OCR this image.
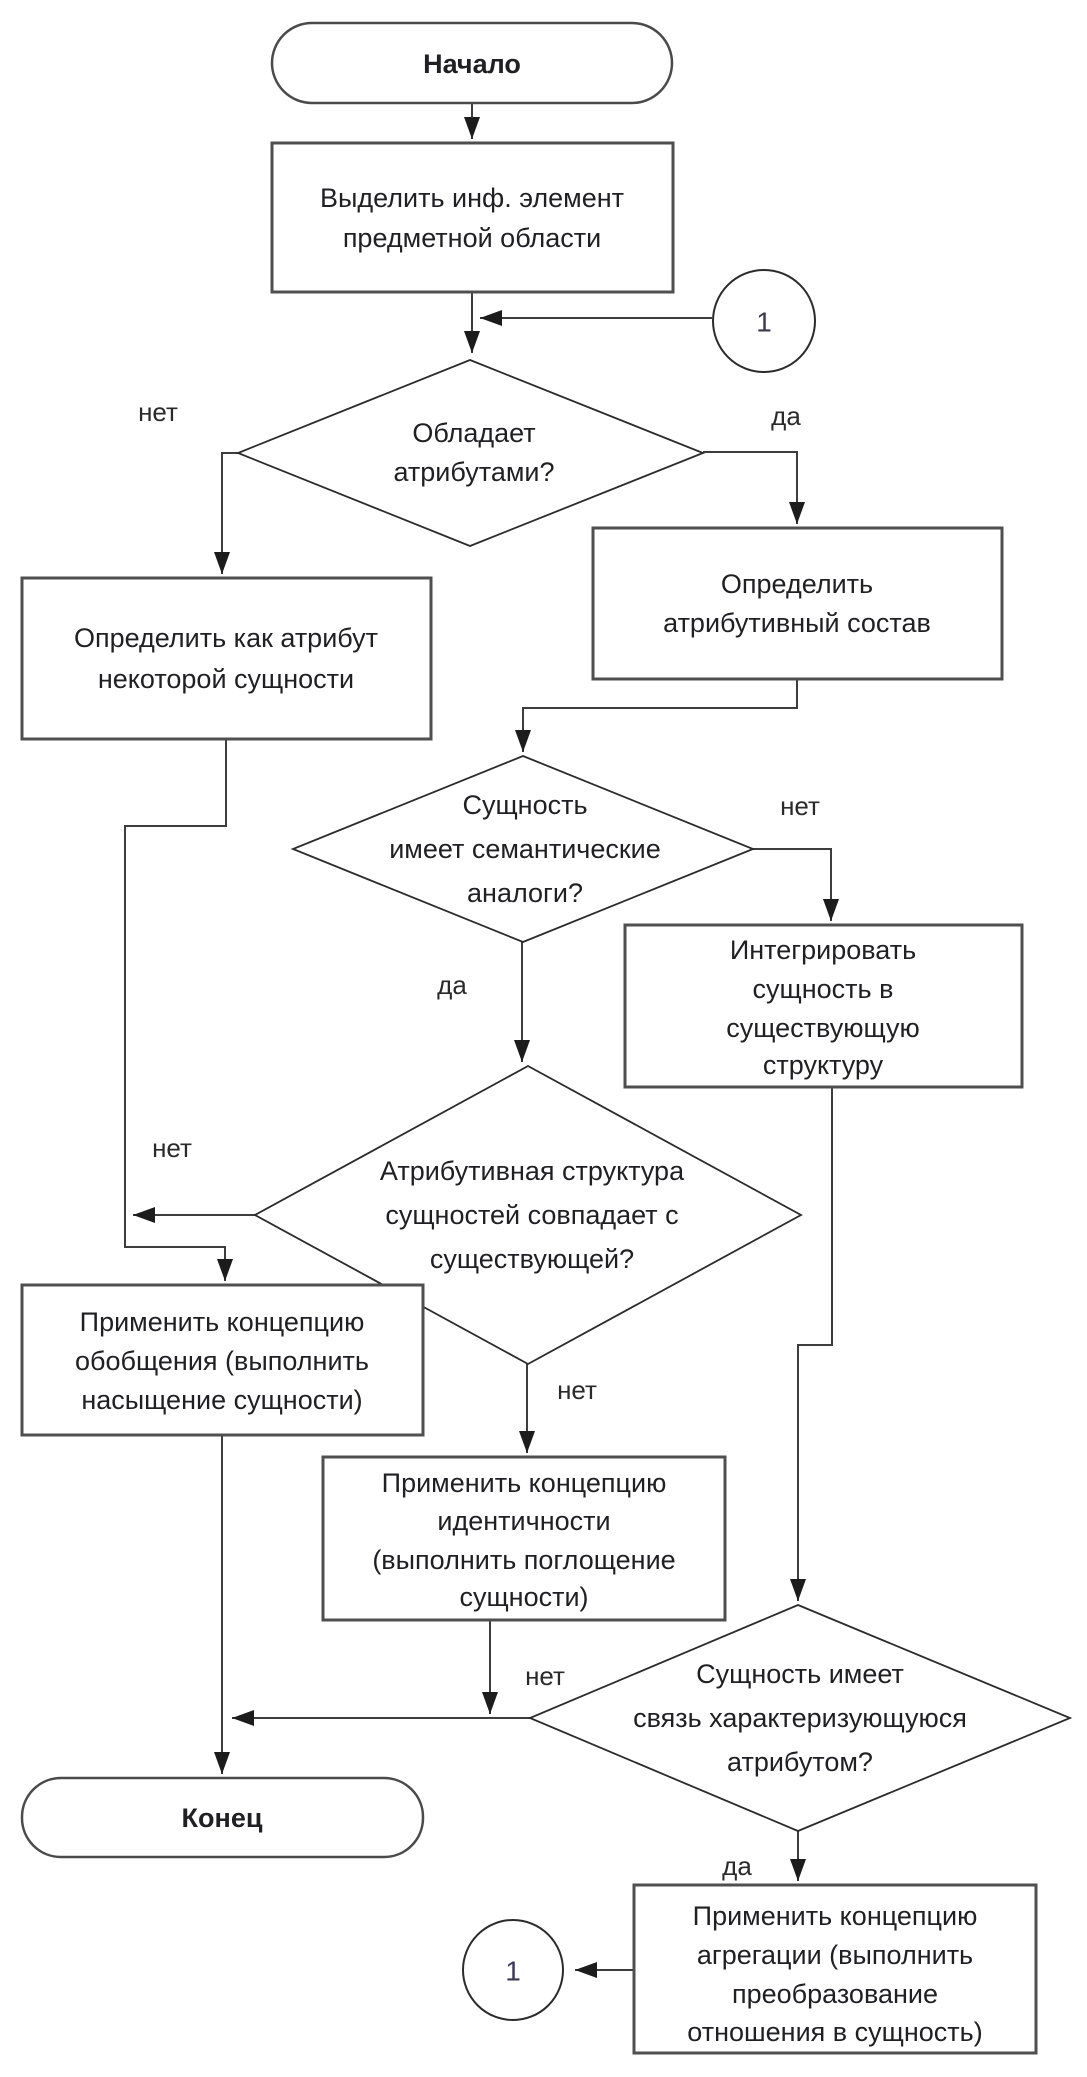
Начало
Выделить инф. элемент
предметной области
1
Обладает
атрибутами?
нет	да
Определить как атрибут
некоторой сущности
Определить
атрибутивный состав
Сущность
имеет семантические
аналоги?
нет
да
Интегрировать
сущность в
существующую
структуру
Атрибутивная структура
сущностей совпадает с
существующей?
нет
нет
Применить концепцию
обобщения (выполнить
насыщение сущности)
Применить концепцию
идентичности
(выполнить поглощение
сущности)
Сущность имеет
связь характеризующуюся
атрибутом?
нет
да
Конец
Применить концепцию
агрегации (выполнить
преобразование
отношения в сущность)
1
